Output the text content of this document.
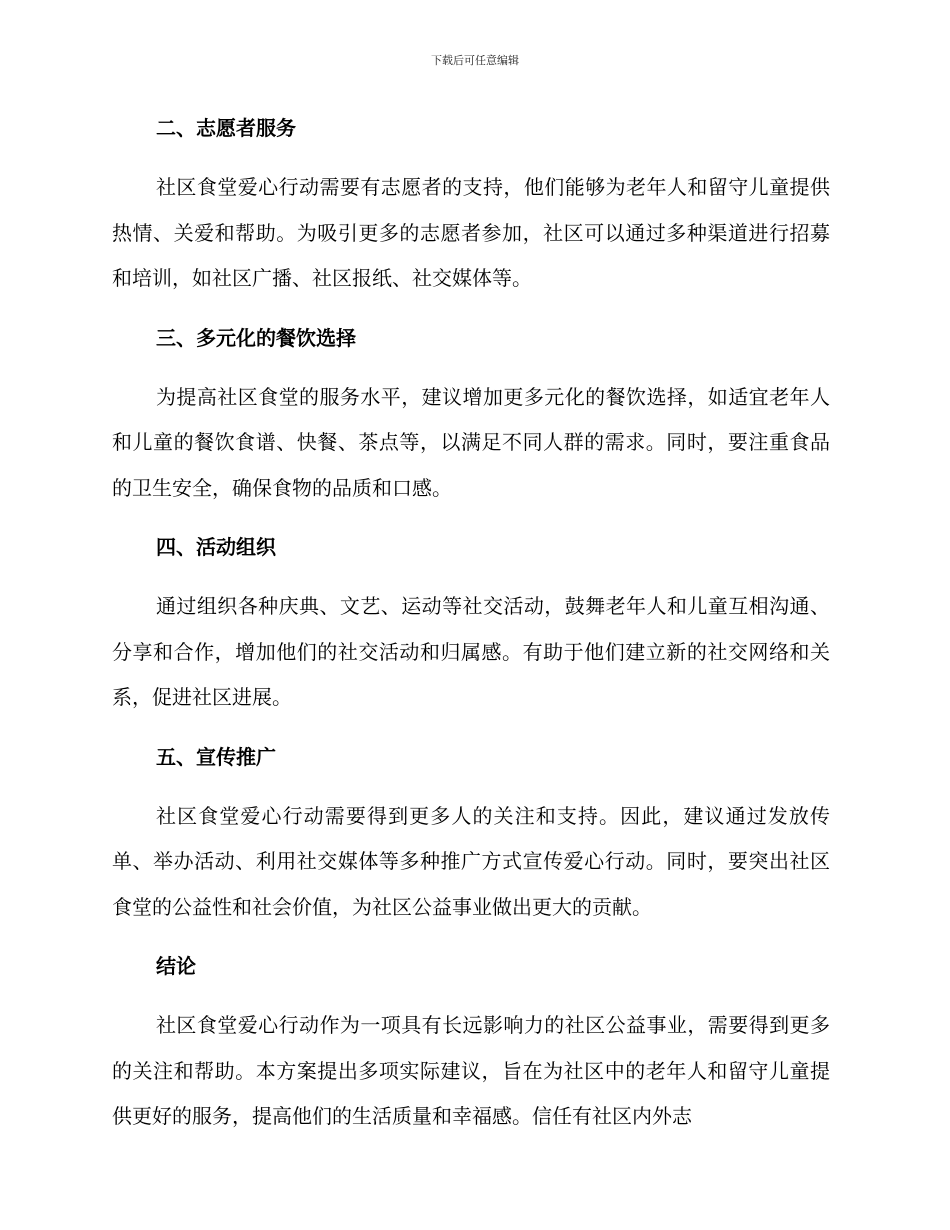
下载后可任意编辑
二、志愿者服务

社区食堂爱心行动需要有志愿者的支持，他们能够为老年人和留守儿童提供热情、关爱和帮助。为吸引更多的志愿者参加，社区可以通过多种渠道进行招募和培训，如社区广播、社区报纸、社交媒体等。

三、多元化的餐饮选择

为提高社区食堂的服务水平，建议增加更多元化的餐饮选择，如适宜老年人和儿童的餐饮食谱、快餐、茶点等，以满足不同人群的需求。同时，要注重食品的卫生安全，确保食物的品质和口感。

四、活动组织

通过组织各种庆典、文艺、运动等社交活动，鼓舞老年人和儿童互相沟通、分享和合作，增加他们的社交活动和归属感。有助于他们建立新的社交网络和关系，促进社区进展。

五、宣传推广

社区食堂爱心行动需要得到更多人的关注和支持。因此，建议通过发放传单、举办活动、利用社交媒体等多种推广方式宣传爱心行动。同时，要突出社区食堂的公益性和社会价值，为社区公益事业做出更大的贡献。

结论

社区食堂爱心行动作为一项具有长远影响力的社区公益事业，需要得到更多的关注和帮助。本方案提出多项实际建议，旨在为社区中的老年人和留守儿童提供更好的服务，提高他们的生活质量和幸福感。信任有社区内外志
